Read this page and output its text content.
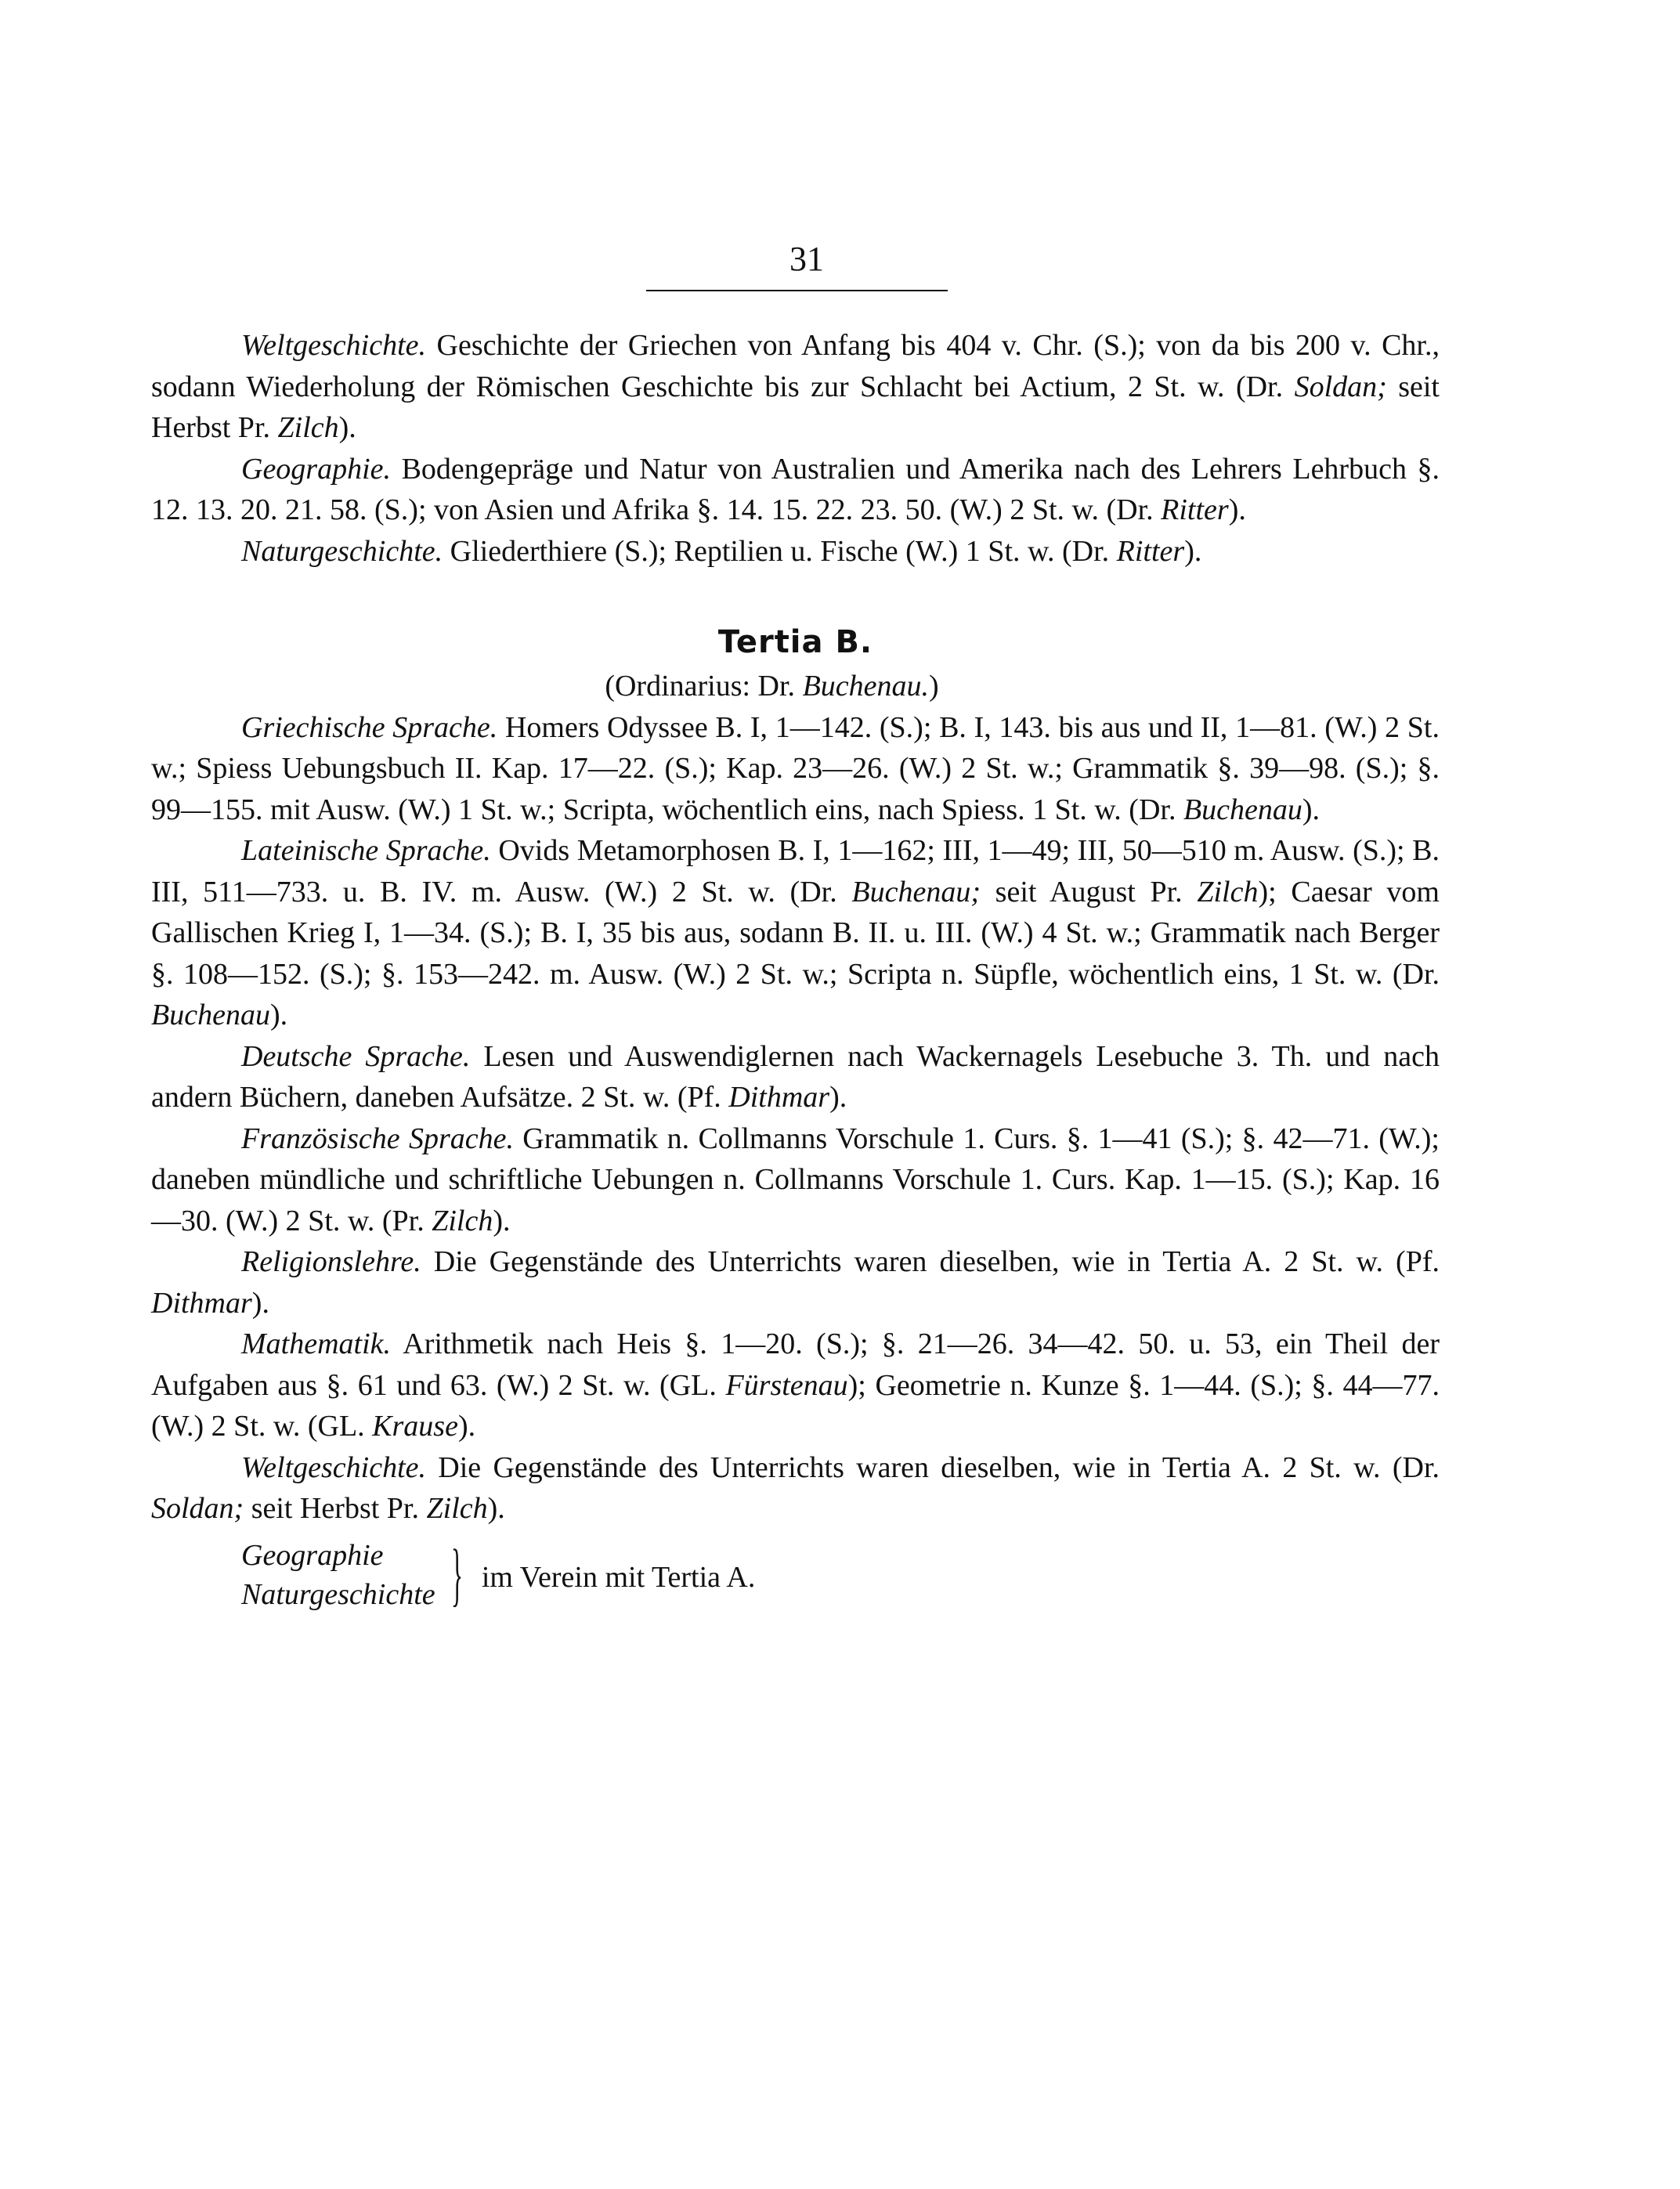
31

Weltgeschichte. Geschichte der Griechen von Anfang bis 404 v. Chr. (S.); von da bis 200 v. Chr., sodann Wiederholung der Römischen Geschichte bis zur Schlacht bei Actium, 2 St. w. (Dr. Soldan; seit Herbst Pr. Zilch).

Geographie. Bodengepräge und Natur von Australien und Amerika nach des Lehrers Lehrbuch §. 12. 13. 20. 21. 58. (S.); von Asien und Afrika §. 14. 15. 22. 23. 50. (W.) 2 St. w. (Dr. Ritter).

Naturgeschichte. Gliederthiere (S.); Reptilien u. Fische (W.) 1 St. w. (Dr. Ritter).

Tertia B.
(Ordinarius: Dr. Buchenau.)

Griechische Sprache. Homers Odyssee B. I, 1—142. (S.); B. I, 143. bis aus und II, 1—81. (W.) 2 St. w.; Spiess Uebungsbuch II. Kap. 17—22. (S.); Kap. 23—26. (W.) 2 St. w.; Grammatik §. 39—98. (S.); §. 99—155. mit Ausw. (W.) 1 St. w.; Scripta, wöchentlich eins, nach Spiess. 1 St. w. (Dr. Buchenau).

Lateinische Sprache. Ovids Metamorphosen B. I, 1—162; III, 1—49; III, 50—510 m. Ausw. (S.); B. III, 511—733. u. B. IV. m. Ausw. (W.) 2 St. w. (Dr. Buchenau; seit August Pr. Zilch); Caesar vom Gallischen Krieg I, 1—34. (S.); B. I, 35 bis aus, sodann B. II. u. III. (W.) 4 St. w.; Grammatik nach Berger §. 108—152. (S.); §. 153—242. m. Ausw. (W.) 2 St. w.; Scripta n. Süpfle, wöchentlich eins, 1 St. w. (Dr. Buchenau).

Deutsche Sprache. Lesen und Auswendiglernen nach Wackernagels Lesebuche 3. Th. und nach andern Büchern, daneben Aufsätze. 2 St. w. (Pf. Dithmar).

Französische Sprache. Grammatik n. Collmanns Vorschule 1. Curs. §. 1—41 (S.); §. 42—71. (W.); daneben mündliche und schriftliche Uebungen n. Collmanns Vorschule 1. Curs. Kap. 1—15. (S.); Kap. 16—30. (W.) 2 St. w. (Pr. Zilch).

Religionslehre. Die Gegenstände des Unterrichts waren dieselben, wie in Tertia A. 2 St. w. (Pf. Dithmar).

Mathematik. Arithmetik nach Heis §. 1—20. (S.); §. 21—26. 34—42. 50. u. 53, ein Theil der Aufgaben aus §. 61 und 63. (W.) 2 St. w. (GL. Fürstenau); Geometrie n. Kunze §. 1—44. (S.); §. 44—77. (W.) 2 St. w. (GL. Krause).

Weltgeschichte. Die Gegenstände des Unterrichts waren dieselben, wie in Tertia A. 2 St. w. (Dr. Soldan; seit Herbst Pr. Zilch).

Geographie
Naturgeschichte } im Verein mit Tertia A.
